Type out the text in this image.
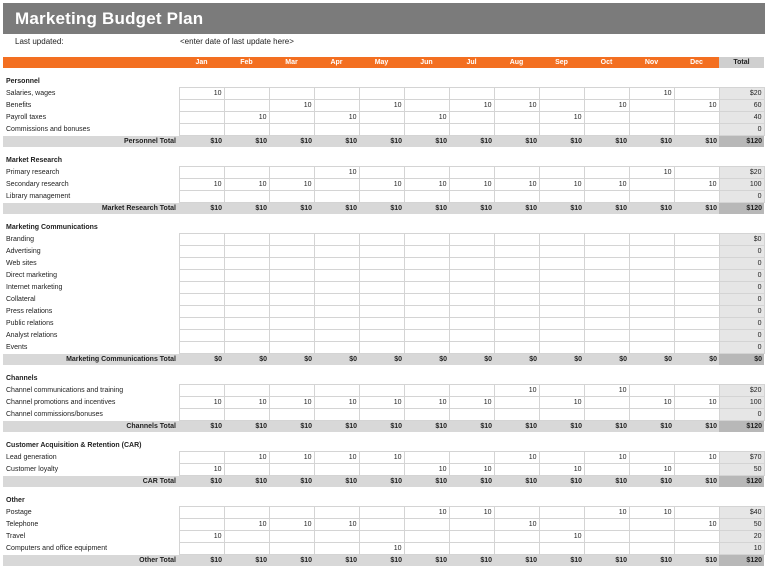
Marketing Budget Plan
Last updated:	<enter date of last update here>
	Jan	Feb	Mar	Apr	May	Jun	Jul	Aug	Sep	Oct	Nov	Dec	Total

Personnel													
Salaries, wages	10										10		$20
Benefits			10		10		10	10		10		10	60
Payroll taxes		10		10		10			10				40
Commissions and bonuses													0
Personnel Total	$10	$10	$10	$10	$10	$10	$10	$10	$10	$10	$10	$10	$120

Market Research													
Primary research				10							10		$20
Secondary research	10	10	10		10	10	10	10	10	10		10	100
Library management													0
Market Research Total	$10	$10	$10	$10	$10	$10	$10	$10	$10	$10	$10	$10	$120

Marketing Communications													
Branding													$0
Advertising													0
Web sites													0
Direct marketing													0
Internet marketing													0
Collateral													0
Press relations													0
Public relations													0
Analyst relations													0
Events													0
Marketing Communications Total	$0	$0	$0	$0	$0	$0	$0	$0	$0	$0	$0	$0	$0

Channels													
Channel communications and training								10		10			$20
Channel promotions and incentives	10	10	10	10	10	10	10		10		10	10	100
Channel commissions/bonuses													0
Channels Total	$10	$10	$10	$10	$10	$10	$10	$10	$10	$10	$10	$10	$120

Customer Acquisition & Retention (CAR)													
Lead generation		10	10	10	10			10		10		10	$70
Customer loyalty	10					10	10		10		10		50
CAR Total	$10	$10	$10	$10	$10	$10	$10	$10	$10	$10	$10	$10	$120

Other													
Postage						10	10			10	10		$40
Telephone		10	10	10				10				10	50
Travel	10								10				20
Computers and office equipment					10								10
Other Total	$10	$10	$10	$10	$10	$10	$10	$10	$10	$10	$10	$10	$120
